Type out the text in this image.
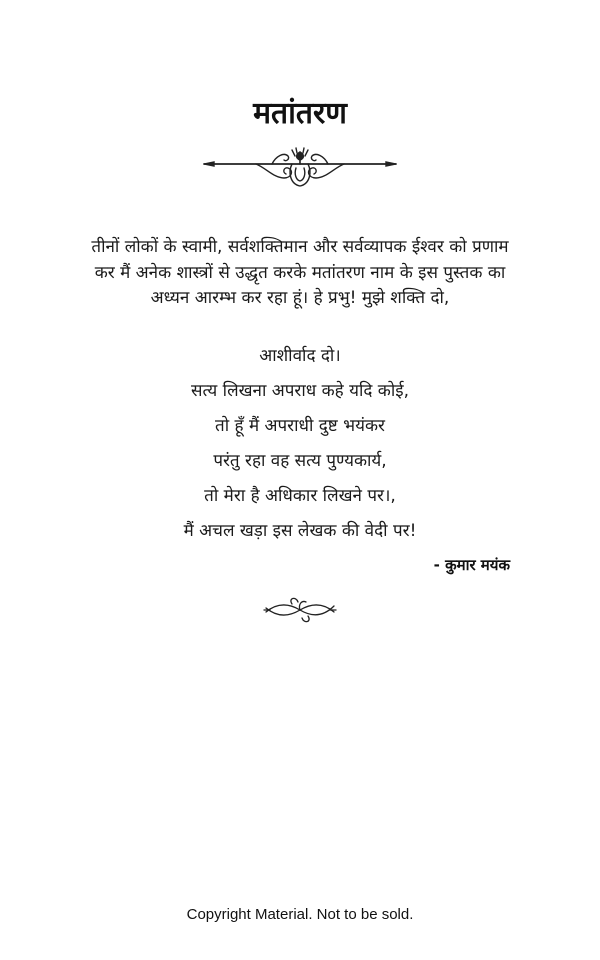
मतांतरण
तीनों लोकों के स्वामी, सर्वशक्तिमान और सर्वव्यापक ईश्वर को प्रणाम कर मैं अनेक शास्त्रों से उद्धृत करके मतांतरण नाम के इस पुस्तक का अध्यन आरम्भ कर रहा हूं। हे प्रभु! मुझे शक्ति दो,
आशीर्वाद दो।
सत्य लिखना अपराध कहे यदि कोई,
तो हूँ मैं अपराधी दुष्ट भयंकर
परंतु रहा वह सत्य पुण्यकार्य,
तो मेरा है अधिकार लिखने पर।,
मैं अचल खड़ा इस लेखक की वेदी पर!
- कुमार मयंक
Copyright Material. Not to be sold.
